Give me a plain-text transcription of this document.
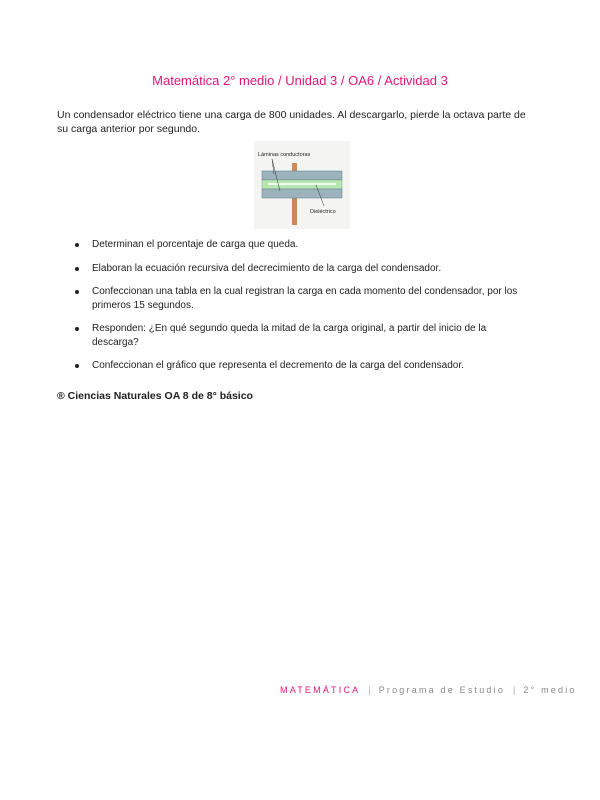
Matemática 2° medio / Unidad 3 / OA6 / Actividad 3
Un condensador eléctrico tiene una carga de 800 unidades. Al descargarlo, pierde la octava parte de su carga anterior por segundo.
Láminas conductoras
Dieléctrico
Determinan el porcentaje de carga que queda.
Elaboran la ecuación recursiva del decrecimiento de la carga del condensador.
Confeccionan una tabla en la cual registran la carga en cada momento del condensador, por los primeros 15 segundos.
Responden: ¿En qué segundo queda la mitad de la carga original, a partir del inicio de la descarga?
Confeccionan el gráfico que representa el decremento de la carga del condensador.
® Ciencias Naturales OA 8 de 8° básico
MATEMÁTICA | Programa de Estudio | 2° medio
